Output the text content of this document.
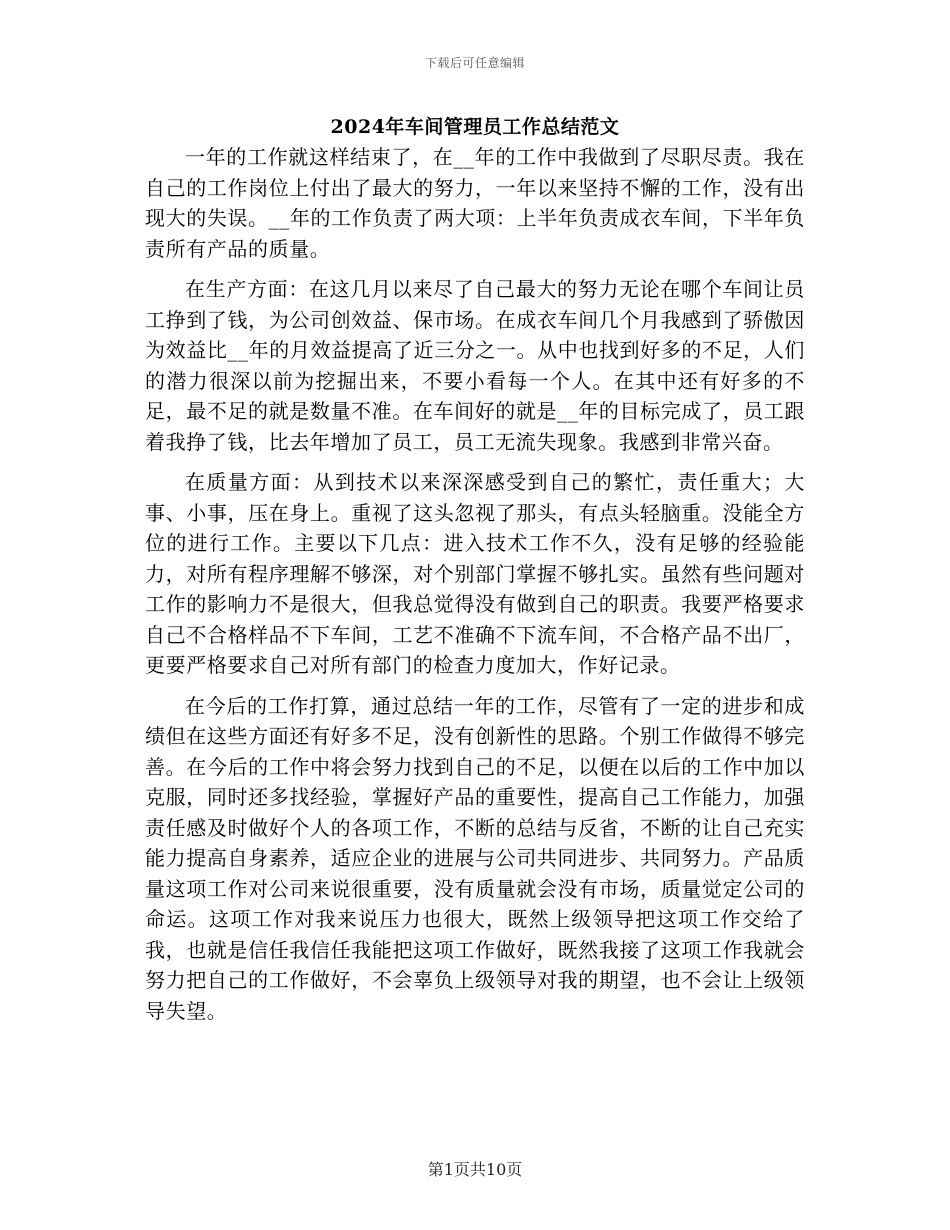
下载后可任意编辑
2024年车间管理员工作总结范文

一年的工作就这样结束了，在__年的工作中我做到了尽职尽责。我在自己的工作岗位上付出了最大的努力，一年以来坚持不懈的工作，没有出现大的失误。__年的工作负责了两大项：上半年负责成衣车间，下半年负责所有产品的质量。

在生产方面：在这几月以来尽了自己最大的努力无论在哪个车间让员工挣到了钱，为公司创效益、保市场。在成衣车间几个月我感到了骄傲因为效益比__年的月效益提高了近三分之一。从中也找到好多的不足，人们的潜力很深以前为挖掘出来，不要小看每一个人。在其中还有好多的不足，最不足的就是数量不准。在车间好的就是__年的目标完成了，员工跟着我挣了钱，比去年增加了员工，员工无流失现象。我感到非常兴奋。

在质量方面：从到技术以来深深感受到自己的繁忙，责任重大；大事、小事，压在身上。重视了这头忽视了那头，有点头轻脑重。没能全方位的进行工作。主要以下几点：进入技术工作不久，没有足够的经验能力，对所有程序理解不够深，对个别部门掌握不够扎实。虽然有些问题对工作的影响力不是很大，但我总觉得没有做到自己的职责。我要严格要求自己不合格样品不下车间，工艺不准确不下流车间，不合格产品不出厂，更要严格要求自己对所有部门的检查力度加大，作好记录。

在今后的工作打算，通过总结一年的工作，尽管有了一定的进步和成绩但在这些方面还有好多不足，没有创新性的思路。个别工作做得不够完善。在今后的工作中将会努力找到自己的不足，以便在以后的工作中加以克服，同时还多找经验，掌握好产品的重要性，提高自己工作能力，加强责任感及时做好个人的各项工作，不断的总结与反省，不断的让自己充实能力提高自身素养，适应企业的进展与公司共同进步、共同努力。产品质量这项工作对公司来说很重要，没有质量就会没有市场，质量觉定公司的命运。这项工作对我来说压力也很大，既然上级领导把这项工作交给了我，也就是信任我信任我能把这项工作做好，既然我接了这项工作我就会努力把自己的工作做好，不会辜负上级领导对我的期望，也不会让上级领导失望。

第1页共10页
